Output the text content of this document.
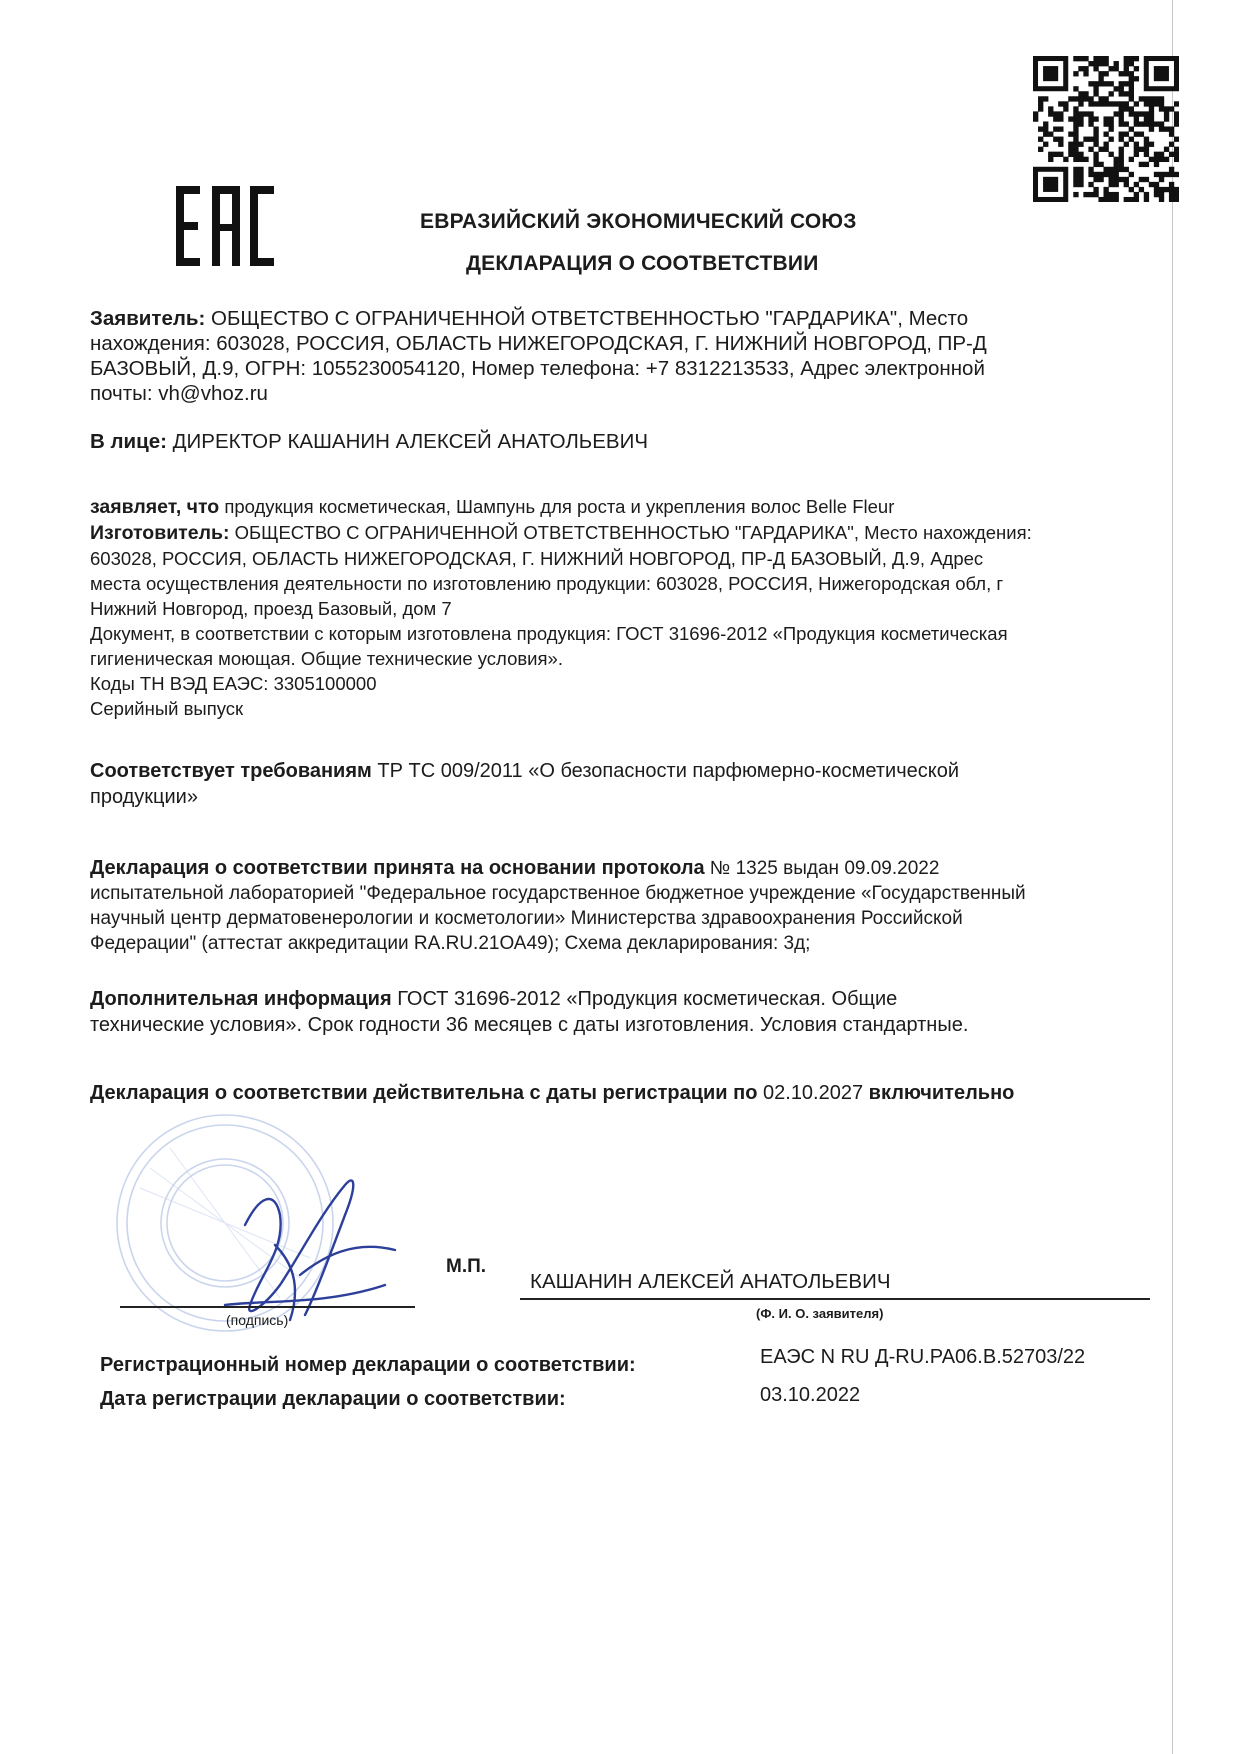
ЕВРАЗИЙСКИЙ ЭКОНОМИЧЕСКИЙ СОЮЗ
ДЕКЛАРАЦИЯ О СООТВЕТСТВИИ
Заявитель: ОБЩЕСТВО С ОГРАНИЧЕННОЙ ОТВЕТСТВЕННОСТЬЮ "ГАРДАРИКА", Место
нахождения: 603028, РОССИЯ, ОБЛАСТЬ НИЖЕГОРОДСКАЯ, Г. НИЖНИЙ НОВГОРОД, ПР-Д
БАЗОВЫЙ, Д.9, ОГРН: 1055230054120, Номер телефона: +7 8312213533, Адрес электронной
почты: vh@vhoz.ru
В лице: ДИРЕКТОР КАШАНИН АЛЕКСЕЙ АНАТОЛЬЕВИЧ
заявляет, что продукция косметическая, Шампунь для роста и укрепления волос Belle Fleur
Изготовитель: ОБЩЕСТВО С ОГРАНИЧЕННОЙ ОТВЕТСТВЕННОСТЬЮ "ГАРДАРИКА", Место нахождения:
603028, РОССИЯ, ОБЛАСТЬ НИЖЕГОРОДСКАЯ, Г. НИЖНИЙ НОВГОРОД, ПР-Д БАЗОВЫЙ, Д.9, Адрес
места осуществления деятельности по изготовлению продукции: 603028, РОССИЯ, Нижегородская обл, г
Нижний Новгород, проезд Базовый, дом 7
Документ, в соответствии с которым изготовлена продукция: ГОСТ 31696-2012 «Продукция косметическая
гигиеническая моющая. Общие технические условия».
Коды ТН ВЭД ЕАЭС: 3305100000
Серийный выпуск
Соответствует требованиям ТР ТС 009/2011 «О безопасности парфюмерно-косметической
продукции»
Декларация о соответствии принята на основании протокола № 1325 выдан 09.09.2022
испытательной лабораторией "Федеральное государственное бюджетное учреждение «Государственный
научный центр дерматовенерологии и косметологии» Министерства здравоохранения Российской
Федерации" (аттестат аккредитации RA.RU.21ОА49); Схема декларирования: 3д;
Дополнительная информация ГОСТ 31696-2012 «Продукция косметическая. Общие
технические условия». Срок годности 36 месяцев с даты изготовления. Условия стандартные.
Декларация о соответствии действительна с даты регистрации по 02.10.2027 включительно
М.П.
КАШАНИН АЛЕКСЕЙ АНАТОЛЬЕВИЧ
(подпись)	(Ф. И. О. заявителя)
Регистрационный номер декларации о соответствии:	ЕАЭС N RU Д-RU.РА06.В.52703/22
Дата регистрации декларации о соответствии:	03.10.2022
